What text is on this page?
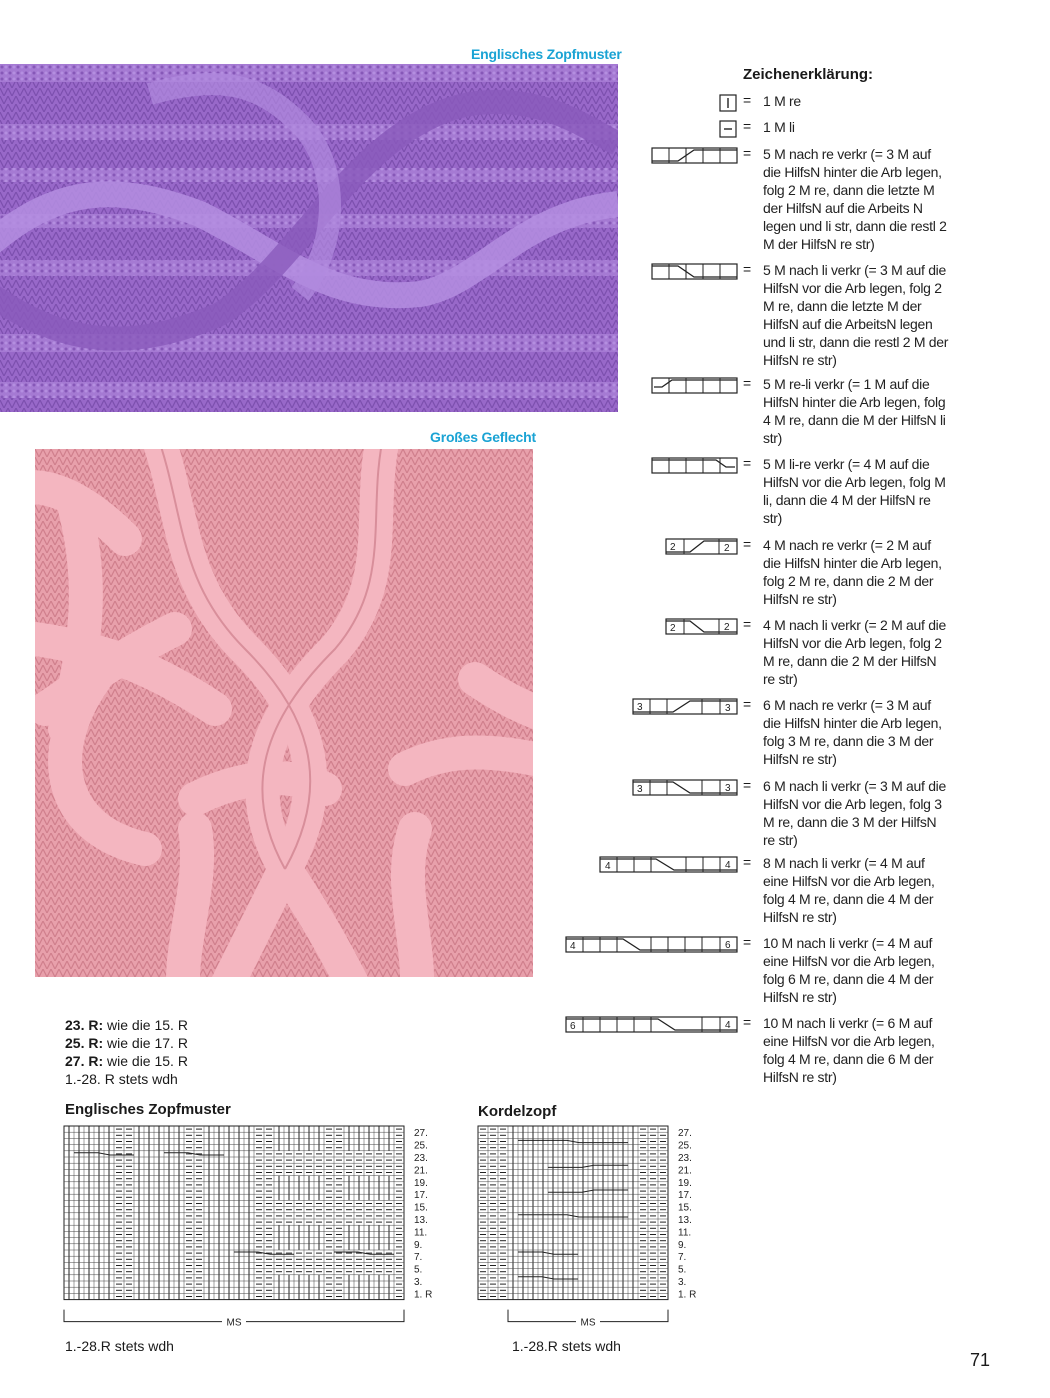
Englisches Zopfmuster
Großes Geflecht
Zeichenerklärung:
= 1 M re
= 1 M li
= 5 M nach re verkr (= 3 M auf die HilfsN hinter die Arb legen, folg 2 M re, dann die letzte M der HilfsN auf die Arbeits N legen und li str, dann die restl 2 M der HilfsN re str)
= 5 M nach li verkr (= 3 M auf die HilfsN vor die Arb legen, folg 2 M re, dann die letzte M der HilfsN auf die ArbeitsN legen und li str, dann die restl 2 M der HilfsN re str)
= 5 M re-li verkr (= 1 M auf die HilfsN hinter die Arb legen, folg 4 M re, dann die M der HilfsN li str)
= 5 M li-re verkr (= 4 M auf die HilfsN vor die Arb legen, folg M li, dann die 4 M der HilfsN re str)
2	2 = 4 M nach re verkr (= 2 M auf die HilfsN hinter die Arb legen, folg 2 M re, dann die 2 M der HilfsN re str)
2	2 = 4 M nach li verkr (= 2 M auf die HilfsN vor die Arb legen, folg 2 M re, dann die 2 M der HilfsN re str)
3	3 = 6 M nach re verkr (= 3 M auf die HilfsN hinter die Arb legen, folg 3 M re, dann die 3 M der HilfsN re str)
3	3 = 6 M nach li verkr (= 3 M auf die HilfsN vor die Arb legen, folg 3 M re, dann die 3 M der HilfsN re str)
4	4 = 8 M nach li verkr (= 4 M auf eine HilfsN vor die Arb legen, folg 4 M re, dann die 4 M der HilfsN re str)
4	6 = 10 M nach li verkr (= 4 M auf eine HilfsN vor die Arb legen, folg 6 M re, dann die 4 M der HilfsN re str)
6	4 = 10 M nach li verkr (= 6 M auf eine HilfsN vor die Arb legen, folg 4 M re, dann die 6 M der HilfsN re str)
23. R: wie die 15. R
25. R: wie die 17. R
27. R: wie die 15. R
1.-28. R stets wdh
Englisches Zopfmuster
27.
25.
23.
21.
19.
17.
15.
13.
11.
9.
7.
5.
3.
1. R
MS
1.-28.R stets wdh
Kordelzopf
27.
25.
23.
21.
19.
17.
15.
13.
11.
9.
7.
5.
3.
1. R
MS
1.-28.R stets wdh
71
